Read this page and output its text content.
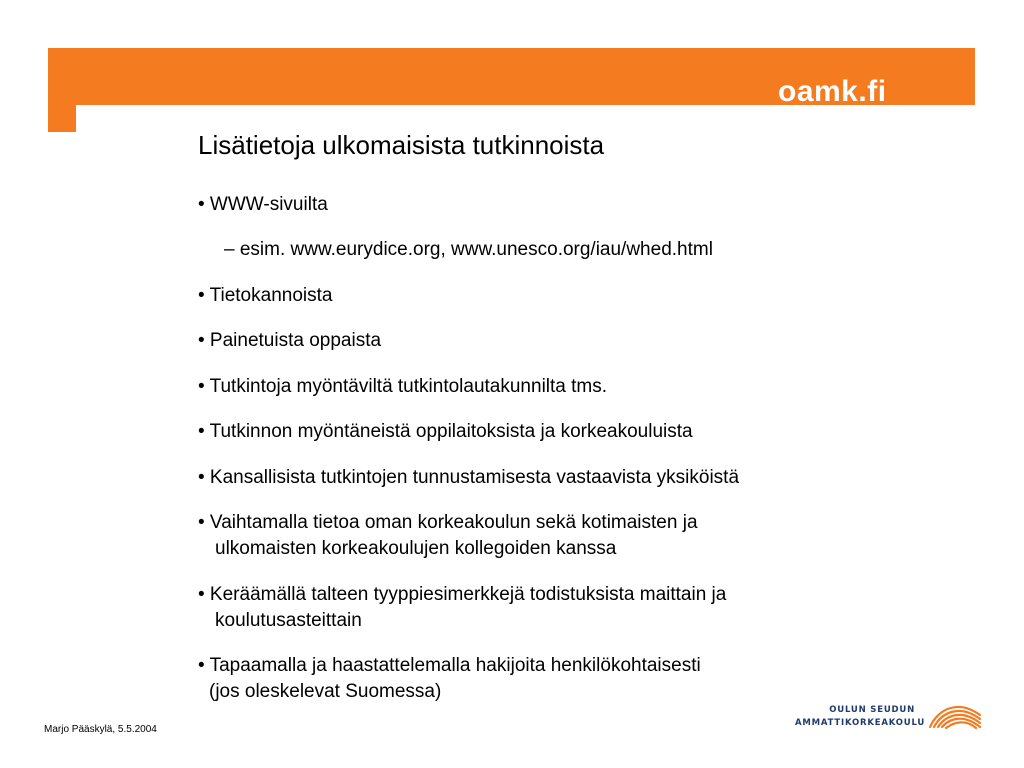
oamk.fi
Lisätietoja ulkomaisista tutkinnoista
• WWW-sivuilta
– esim. www.eurydice.org, www.unesco.org/iau/whed.html
• Tietokannoista
• Painetuista oppaista
• Tutkintoja myöntäviltä tutkintolautakunnilta tms.
• Tutkinnon myöntäneistä oppilaitoksista ja korkeakouluista
• Kansallisista tutkintojen tunnustamisesta vastaavista yksiköistä
• Vaihtamalla tietoa oman korkeakoulun sekä kotimaisten ja
ulkomaisten korkeakoulujen kollegoiden kanssa
• Keräämällä talteen tyyppiesimerkkejä todistuksista maittain ja
koulutusasteittain
• Tapaamalla ja haastattelemalla hakijoita henkilökohtaisesti
(jos oleskelevat Suomessa)
Marjo Pääskylä, 5.5.2004
OULUN SEUDUN
AMMATTIKORKEAKOULU
